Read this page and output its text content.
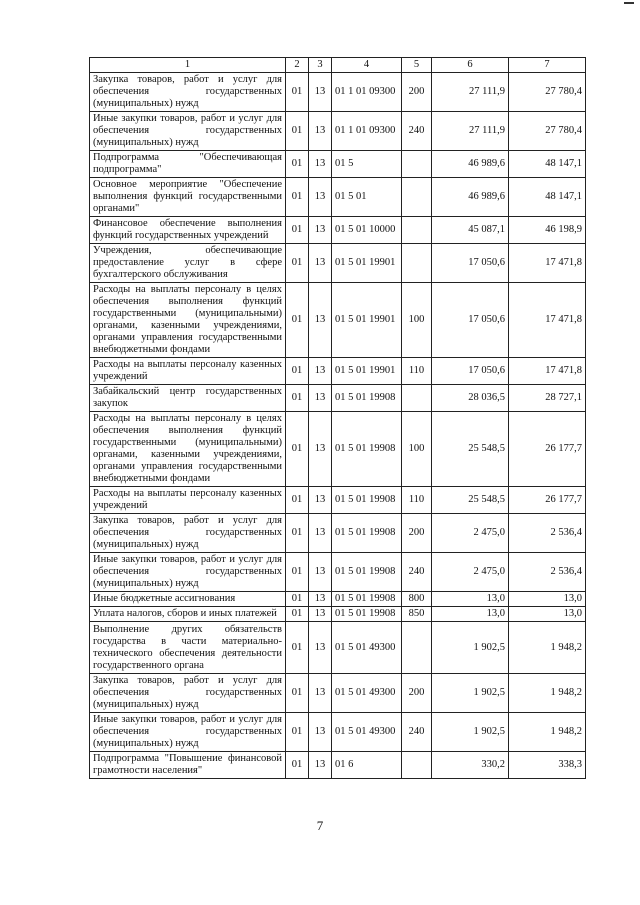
1	2	3	4	5	6	7
Закупка товаров, работ и услуг для обеспечения государственных (муниципальных) нужд	01	13	01 1 01 09300	200	27 111,9	27 780,4
Иные закупки товаров, работ и услуг для обеспечения государственных (муниципальных) нужд	01	13	01 1 01 09300	240	27 111,9	27 780,4
Подпрограмма "Обеспечивающая подпрограмма"	01	13	01 5		46 989,6	48 147,1
Основное мероприятие "Обеспечение выполнения функций государственными органами"	01	13	01 5 01		46 989,6	48 147,1
Финансовое обеспечение выполнения функций государственных учреждений	01	13	01 5 01 10000		45 087,1	46 198,9
Учреждения, обеспечивающие предоставление услуг в сфере бухгалтерского обслуживания	01	13	01 5 01 19901		17 050,6	17 471,8
Расходы на выплаты персоналу в целях обеспечения выполнения функций государственными (муниципальными) органами, казенными учреждениями, органами управления государственными внебюджетными фондами	01	13	01 5 01 19901	100	17 050,6	17 471,8
Расходы на выплаты персоналу казенных учреждений	01	13	01 5 01 19901	110	17 050,6	17 471,8
Забайкальский центр государственных закупок	01	13	01 5 01 19908		28 036,5	28 727,1
Расходы на выплаты персоналу в целях обеспечения выполнения функций государственными (муниципальными) органами, казенными учреждениями, органами управления государственными внебюджетными фондами	01	13	01 5 01 19908	100	25 548,5	26 177,7
Расходы на выплаты персоналу казенных учреждений	01	13	01 5 01 19908	110	25 548,5	26 177,7
Закупка товаров, работ и услуг для обеспечения государственных (муниципальных) нужд	01	13	01 5 01 19908	200	2 475,0	2 536,4
Иные закупки товаров, работ и услуг для обеспечения государственных (муниципальных) нужд	01	13	01 5 01 19908	240	2 475,0	2 536,4
Иные бюджетные ассигнования	01	13	01 5 01 19908	800	13,0	13,0
Уплата налогов, сборов и иных платежей	01	13	01 5 01 19908	850	13,0	13,0
Выполнение других обязательств государства в части материально-технического обеспечения деятельности государственного органа	01	13	01 5 01 49300		1 902,5	1 948,2
Закупка товаров, работ и услуг для обеспечения государственных (муниципальных) нужд	01	13	01 5 01 49300	200	1 902,5	1 948,2
Иные закупки товаров, работ и услуг для обеспечения государственных (муниципальных) нужд	01	13	01 5 01 49300	240	1 902,5	1 948,2
Подпрограмма "Повышение финансовой грамотности населения"	01	13	01 6		330,2	338,3
7
